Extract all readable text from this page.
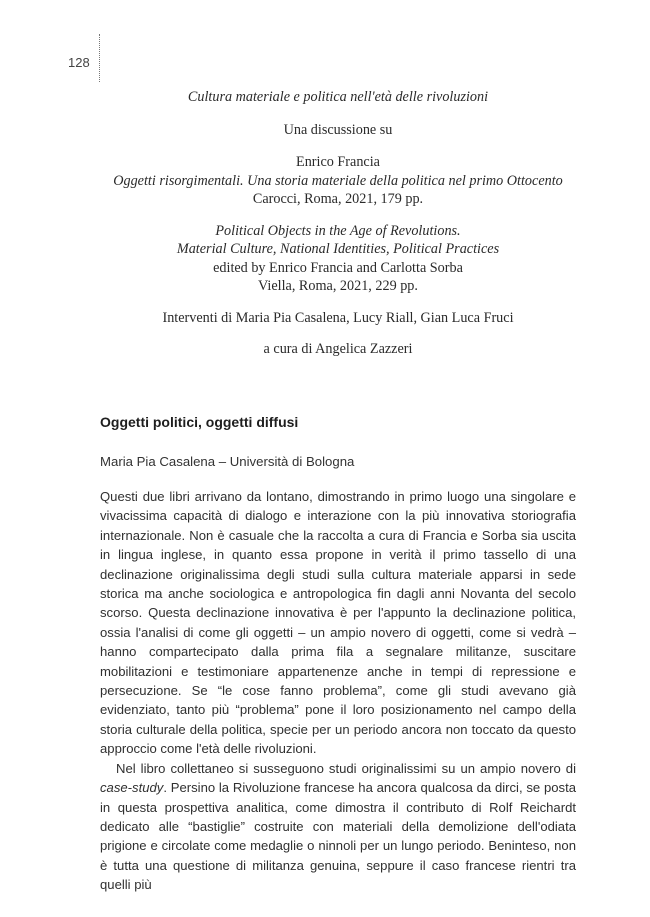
128

Cultura materiale e politica nell'età delle rivoluzioni

Una discussione su

Enrico Francia

Oggetti risorgimentali. Una storia materiale della politica nel primo Ottocento

Carocci, Roma, 2021, 179 pp.

Political Objects in the Age of Revolutions.

Material Culture, National Identities, Political Practices

edited by Enrico Francia and Carlotta Sorba

Viella, Roma, 2021, 229 pp.

Interventi di Maria Pia Casalena, Lucy Riall, Gian Luca Fruci

a cura di Angelica Zazzeri

Oggetti politici, oggetti diffusi

Maria Pia Casalena – Università di Bologna

Questi due libri arrivano da lontano, dimostrando in primo luogo una singolare e vivacissima capacità di dialogo e interazione con la più innovativa storiografia internazionale. Non è casuale che la raccolta a cura di Francia e Sorba sia uscita in lingua inglese, in quanto essa propone in verità il primo tassello di una declinazione originalissima degli studi sulla cultura materiale apparsi in sede storica ma anche sociologica e antropologica fin dagli anni Novanta del secolo scorso. Questa declinazione innovativa è per l'appunto la declinazione politica, ossia l'analisi di come gli oggetti – un ampio novero di oggetti, come si vedrà – hanno compartecipato dalla prima fila a segnalare militanze, suscitare mobilitazioni e testimoniare appartenenze anche in tempi di repressione e persecuzione. Se “le cose fanno problema”, come gli studi avevano già evidenziato, tanto più “problema” pone il loro posizionamento nel campo della storia culturale della politica, specie per un periodo ancora non toccato da questo approccio come l'età delle rivoluzioni.

Nel libro collettaneo si susseguono studi originalissimi su un ampio novero di case-study. Persino la Rivoluzione francese ha ancora qualcosa da dirci, se posta in questa prospettiva analitica, come dimostra il contributo di Rolf Reichardt dedicato alle “bastiglie” costruite con materiali della demolizione dell'odiata prigione e circolate come medaglie o ninnoli per un lungo periodo. Beninteso, non è tutta una questione di militanza genuina, seppure il caso francese rientri tra quelli più
